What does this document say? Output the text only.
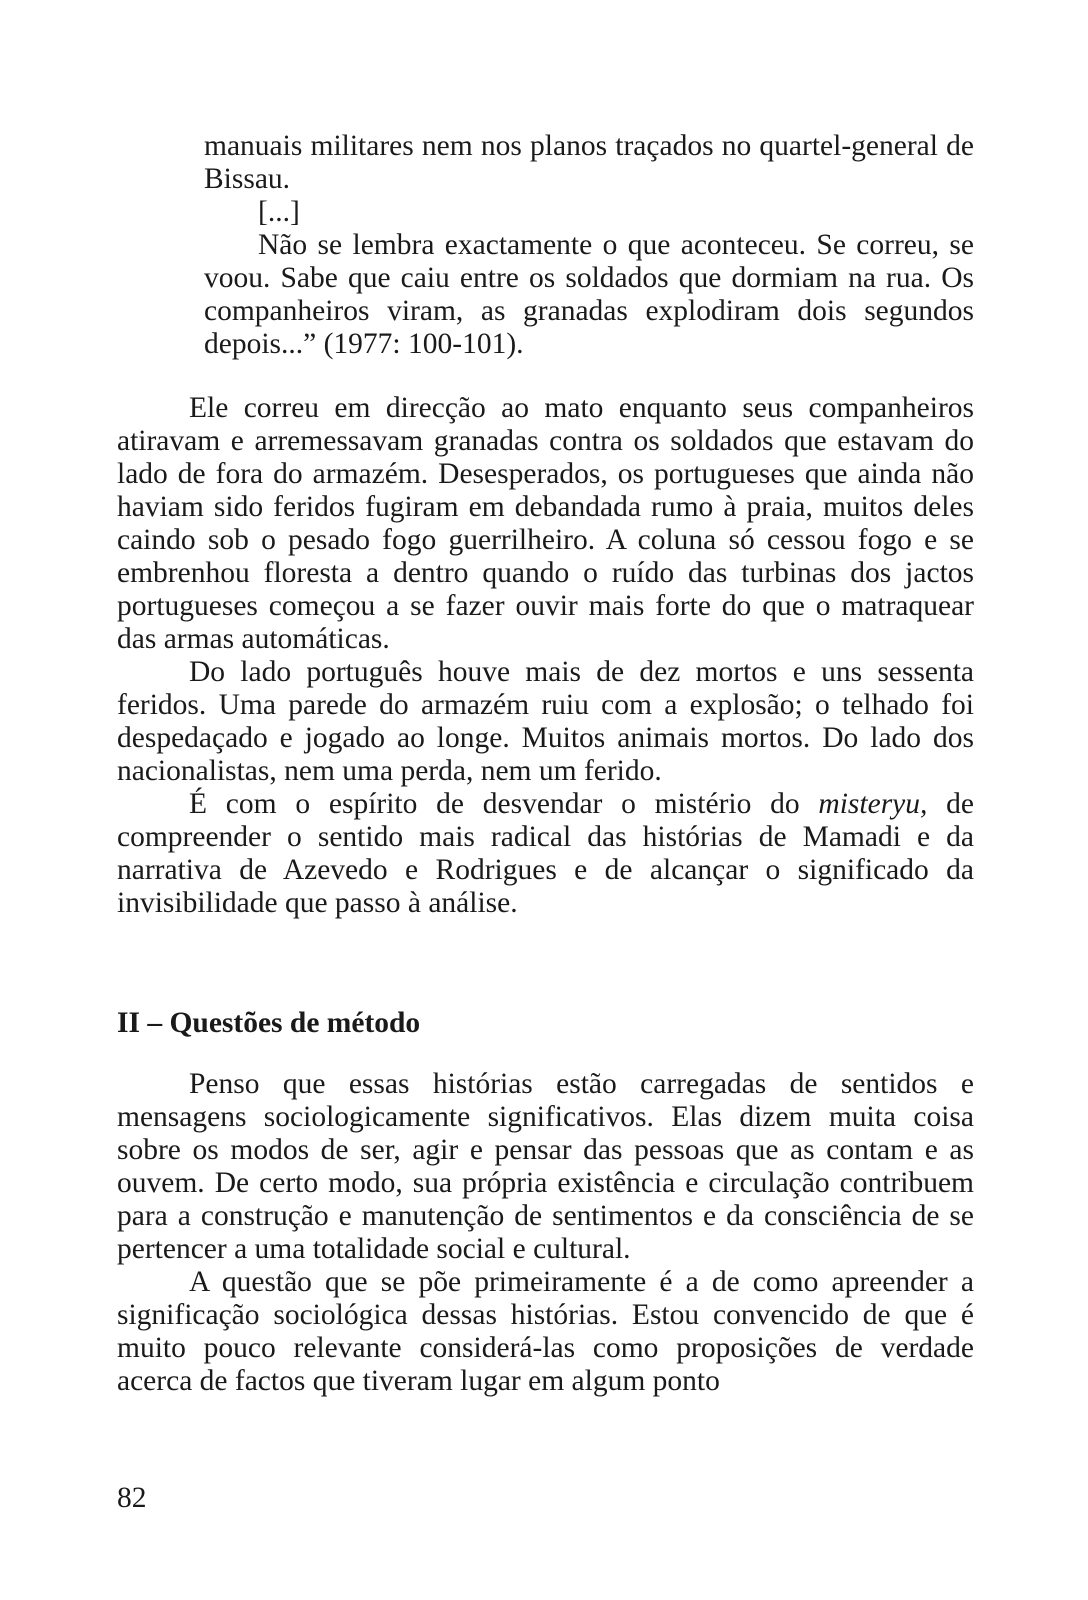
manuais militares nem nos planos traçados no quartel-general de Bissau.

[...]

Não se lembra exactamente o que aconteceu. Se correu, se voou. Sabe que caiu entre os soldados que dormiam na rua. Os companheiros viram, as granadas explodiram dois segundos depois...” (1977: 100-101).

Ele correu em direcção ao mato enquanto seus companheiros atiravam e arremessavam granadas contra os soldados que estavam do lado de fora do armazém. Desesperados, os portugueses que ainda não haviam sido feridos fugiram em debandada rumo à praia, muitos deles caindo sob o pesado fogo guerrilheiro. A coluna só cessou fogo e se embrenhou floresta a dentro quando o ruído das turbinas dos jactos portugueses começou a se fazer ouvir mais forte do que o matraquear das armas automáticas.

Do lado português houve mais de dez mortos e uns sessenta feridos. Uma parede do armazém ruiu com a explosão; o telhado foi despedaçado e jogado ao longe. Muitos animais mortos. Do lado dos nacionalistas, nem uma perda, nem um ferido.

É com o espírito de desvendar o mistério do misteryu, de compreender o sentido mais radical das histórias de Mamadi e da narrativa de Azevedo e Rodrigues e de alcançar o significado da invisibilidade que passo à análise.

II – Questões de método

Penso que essas histórias estão carregadas de sentidos e mensagens sociologicamente significativos. Elas dizem muita coisa sobre os modos de ser, agir e pensar das pessoas que as contam e as ouvem. De certo modo, sua própria existência e circulação contribuem para a construção e manutenção de sentimentos e da consciência de se pertencer a uma totalidade social e cultural.

A questão que se põe primeiramente é a de como apreender a significação sociológica dessas histórias. Estou convencido de que é muito pouco relevante considerá-las como proposições de verdade acerca de factos que tiveram lugar em algum ponto

82
